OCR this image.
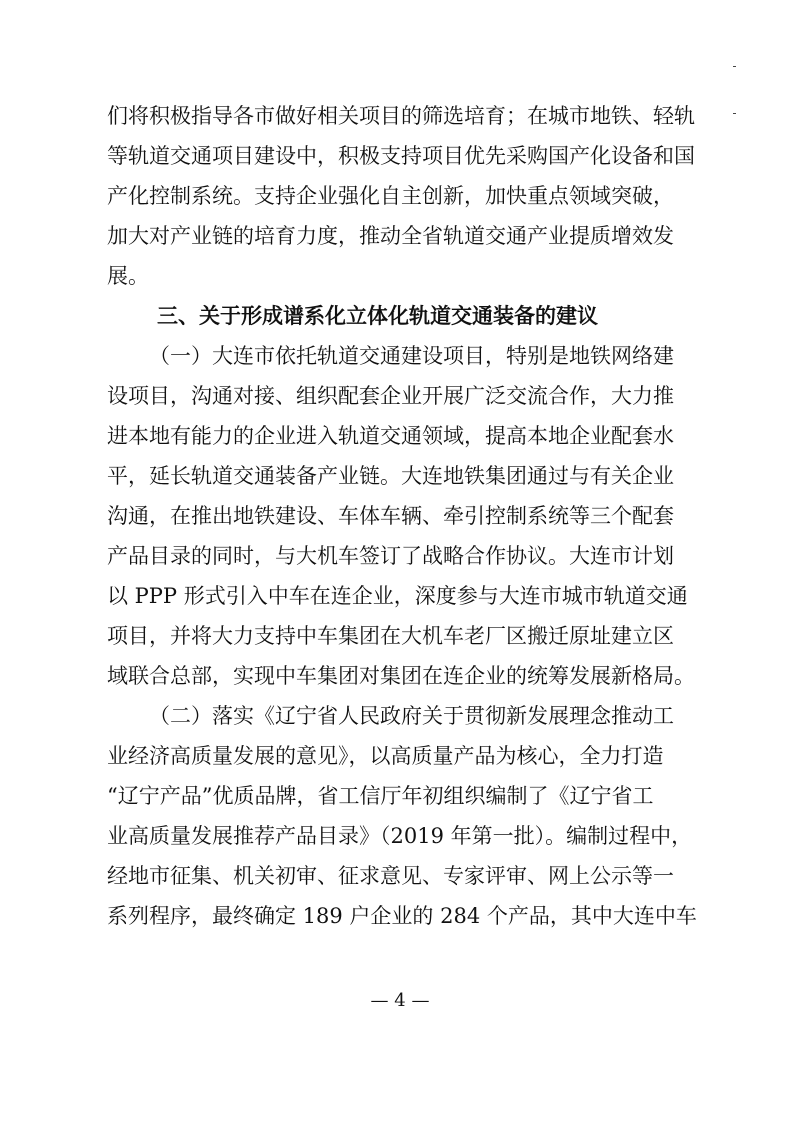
们将积极指导各市做好相关项目的筛选培育；在城市地铁、轻轨
等轨道交通项目建设中，积极支持项目优先采购国产化设备和国
产化控制系统。支持企业强化自主创新，加快重点领域突破，
加大对产业链的培育力度，推动全省轨道交通产业提质增效发
展。
三、关于形成谱系化立体化轨道交通装备的建议
（一）大连市依托轨道交通建设项目，特别是地铁网络建
设项目，沟通对接、组织配套企业开展广泛交流合作，大力推
进本地有能力的企业进入轨道交通领域，提高本地企业配套水
平，延长轨道交通装备产业链。大连地铁集团通过与有关企业
沟通，在推出地铁建设、车体车辆、牵引控制系统等三个配套
产品目录的同时，与大机车签订了战略合作协议。大连市计划
以 PPP 形式引入中车在连企业，深度参与大连市城市轨道交通
项目，并将大力支持中车集团在大机车老厂区搬迁原址建立区
域联合总部，实现中车集团对集团在连企业的统筹发展新格局。
（二）落实《辽宁省人民政府关于贯彻新发展理念推动工
业经济高质量发展的意见》，以高质量产品为核心，全力打造
“辽宁产品”优质品牌，省工信厅年初组织编制了《辽宁省工
业高质量发展推荐产品目录》（2019 年第一批）。编制过程中，
经地市征集、机关初审、征求意见、专家评审、网上公示等一
系列程序，最终确定 189 户企业的 284 个产品，其中大连中车
— 4 —
